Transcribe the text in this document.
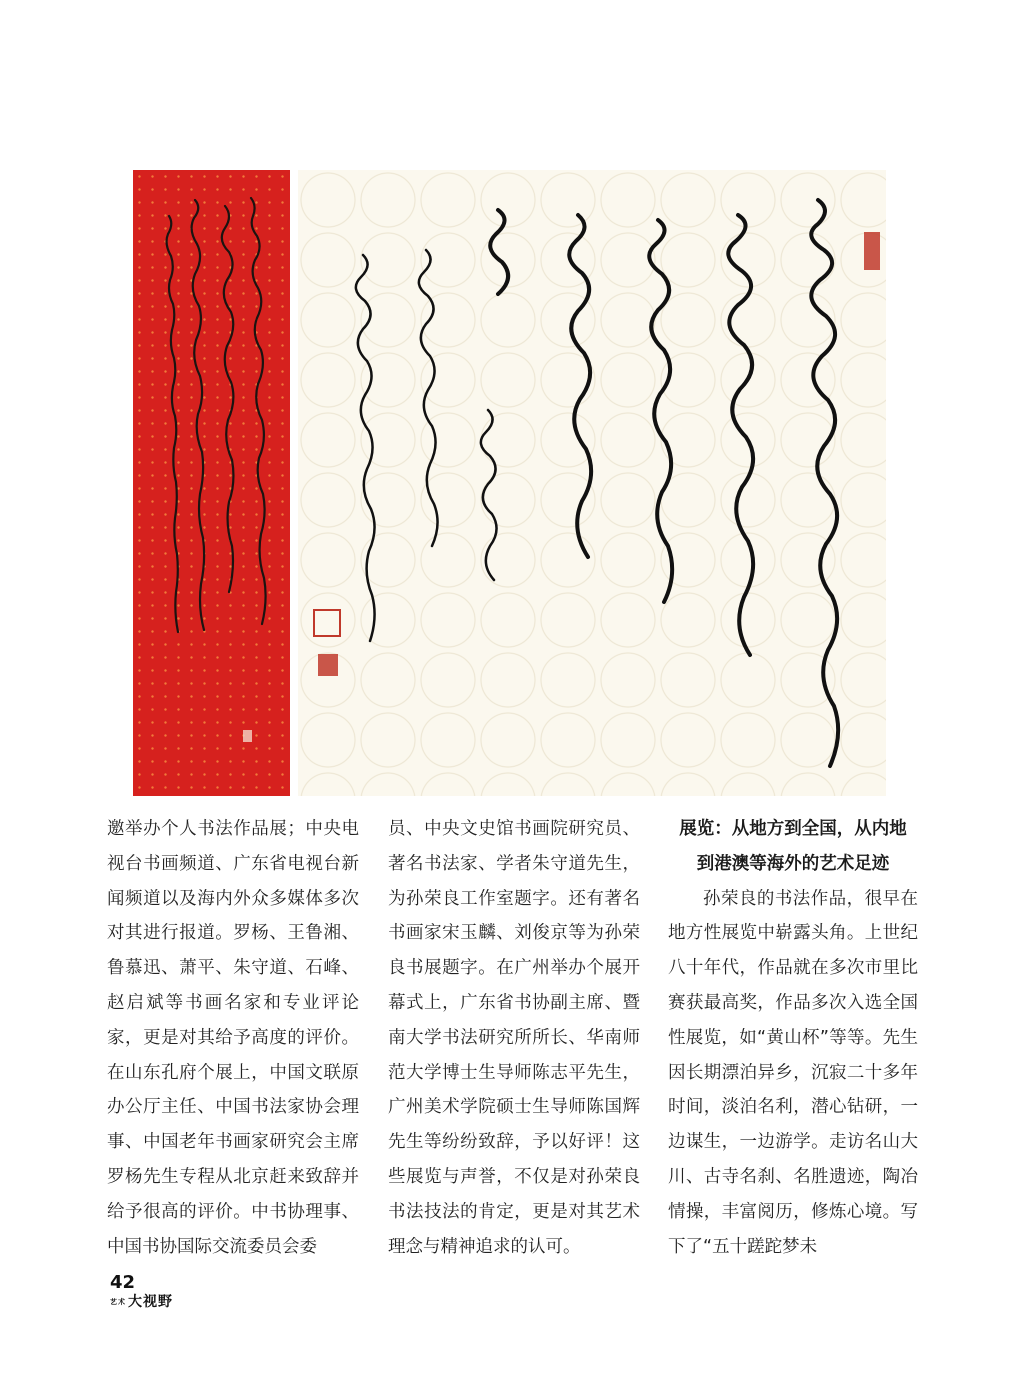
邀举办个人书法作品展；中央电视台书画频道、广东省电视台新闻频道以及海内外众多媒体多次对其进行报道。罗杨、王鲁湘、鲁慕迅、萧平、朱守道、石峰、赵启斌等书画名家和专业评论家，更是对其给予高度的评价。在山东孔府个展上，中国文联原办公厅主任、中国书法家协会理事、中国老年书画家研究会主席罗杨先生专程从北京赶来致辞并给予很高的评价。中书协理事、中国书协国际交流委员会委

员、中央文史馆书画院研究员、著名书法家、学者朱守道先生，为孙荣良工作室题字。还有著名书画家宋玉麟、刘俊京等为孙荣良书展题字。在广州举办个展开幕式上，广东省书协副主席、暨南大学书法研究所所长、华南师范大学博士生导师陈志平先生，广州美术学院硕士生导师陈国辉先生等纷纷致辞，予以好评！这些展览与声誉，不仅是对孙荣良书法技法的肯定，更是对其艺术理念与精神追求的认可。

展览：从地方到全国，从内地

到港澳等海外的艺术足迹

孙荣良的书法作品，很早在地方性展览中崭露头角。上世纪八十年代，作品就在多次市里比赛获最高奖，作品多次入选全国性展览，如“黄山杯”等等。先生因长期漂泊异乡，沉寂二十多年时间，淡泊名利，潜心钻研，一边谋生，一边游学。走访名山大川、古寺名刹、名胜遗迹，陶冶情操，丰富阅历，修炼心境。写下了“五十蹉跎梦未

42
艺术 大视野
